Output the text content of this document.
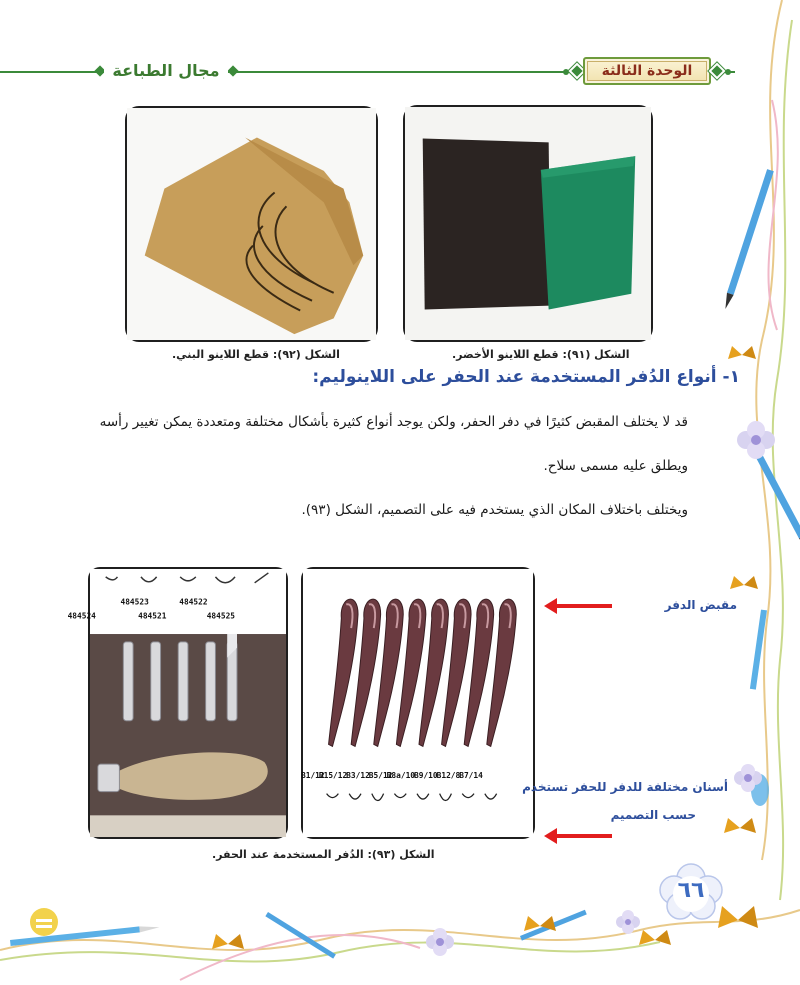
مجال الطباعة	الوحدة الثالثة
الشكل (٩١): قطع اللاينو الأخضر.
الشكل (٩٢): قطع اللاينو البني.
١- أنواع الدُفر المستخدمة عند الحفر على اللاينوليم:
قد لا يختلف المقبض كثيرًا في دفر الحفر، ولكن يوجد أنواع كثيرة بأشكال مختلفة ومتعددة يمكن تغيير رأسه
ويطلق عليه مسمى سلاح.
ويختلف باختلاف المكان الذي يستخدم فيه على التصميم، الشكل (٩٣).
B1/12
B15/12
B3/12
B5/12
B8a/10
B9/10
B12/8
B7/14
484523	484522
484524	484521	484525
الشكل (٩٣): الدُفر المستخدمة عند الحفر.
مقبض الدفر
أسنان مختلفة للدفر للحفر تستخدم
حسب التصميم
٦٦
